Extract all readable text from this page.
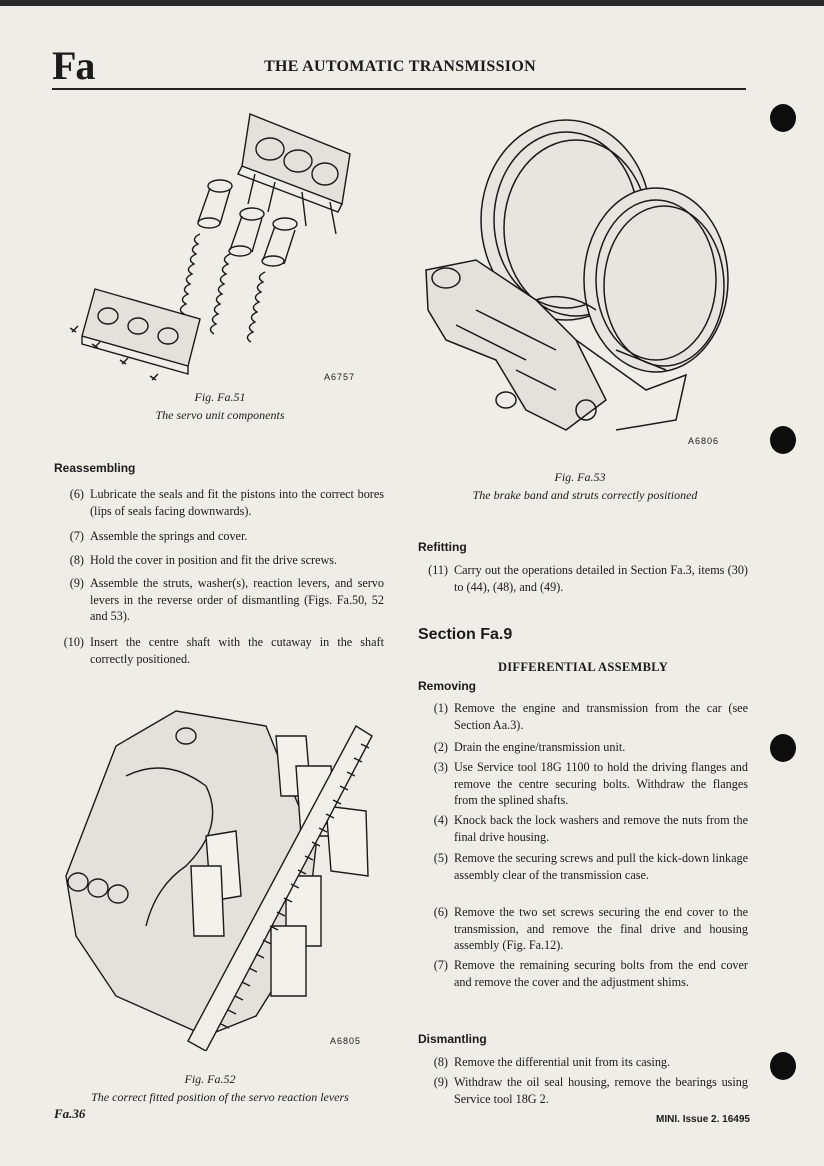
Fa	THE AUTOMATIC TRANSMISSION
A6757
Fig. Fa.51
The servo unit components
A6806
Fig. Fa.53
The brake band and struts correctly positioned
Reassembling
(6) Lubricate the seals and fit the pistons into the correct bores (lips of seals facing downwards).
(7) Assemble the springs and cover.
(8) Hold the cover in position and fit the drive screws.
(9) Assemble the struts, washer(s), reaction levers, and servo levers in the reverse order of dismantling (Figs. Fa.50, 52 and 53).
(10) Insert the centre shaft with the cutaway in the shaft correctly positioned.
A6805
Fig. Fa.52
The correct fitted position of the servo reaction levers
Refitting
(11) Carry out the operations detailed in Section Fa.3, items (30) to (44), (48), and (49).
Section Fa.9
DIFFERENTIAL ASSEMBLY
Removing
(1) Remove the engine and transmission from the car (see Section Aa.3).
(2) Drain the engine/transmission unit.
(3) Use Service tool 18G 1100 to hold the driving flanges and remove the centre securing bolts. Withdraw the flanges from the splined shafts.
(4) Knock back the lock washers and remove the nuts from the final drive housing.
(5) Remove the securing screws and pull the kick-down linkage assembly clear of the transmission case.
(6) Remove the two set screws securing the end cover to the transmission, and remove the final drive and housing assembly (Fig. Fa.12).
(7) Remove the remaining securing bolts from the end cover and remove the cover and the adjustment shims.
Dismantling
(8) Remove the differential unit from its casing.
(9) Withdraw the oil seal housing, remove the bearings using Service tool 18G 2.
Fa.36	MINI. Issue 2. 16495
